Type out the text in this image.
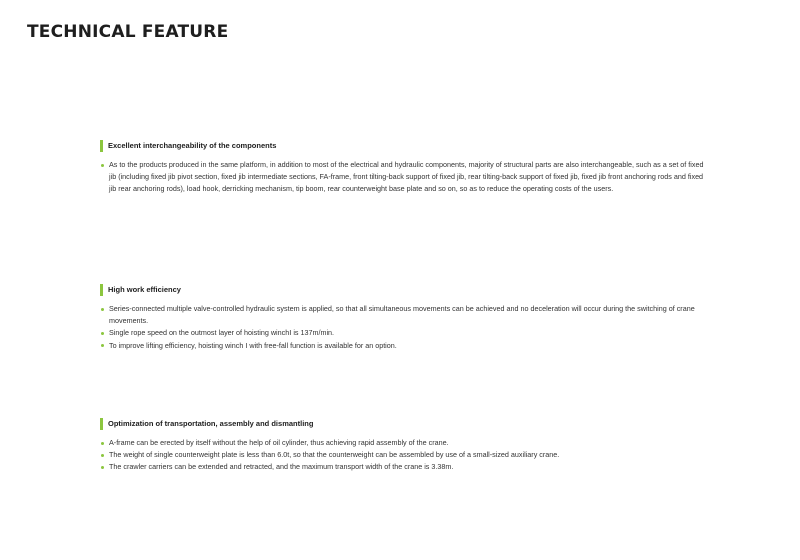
TECHNICAL FEATURE
Excellent interchangeability of the components
As to the products produced in the same platform, in addition to most of the electrical and hydraulic components, majority of structural parts are also interchangeable, such as a set of fixed jib (including fixed jib pivot section, fixed jib intermediate sections, FA-frame, front tilting-back support of fixed jib, rear tilting-back support of fixed jib, fixed jib front anchoring rods and fixed jib rear anchoring rods), load hook, derricking mechanism, tip boom, rear counterweight base plate and so on, so as to reduce the operating costs of the users.
High work efficiency
Series-connected multiple valve-controlled hydraulic system is applied, so that all simultaneous movements can be achieved and no deceleration will occur during the switching of crane movements.
Single rope speed on the outmost layer of hoisting winchⅠ is 137m/min.
To improve lifting efficiency, hoisting winch I with free-fall function is available for an option.
Optimization of transportation, assembly and dismantling
A-frame can be erected by itself without the help of oil cylinder, thus achieving rapid assembly of the crane.
The weight of single counterweight plate is less than 6.0t, so that the counterweight can be assembled by use of a small-sized auxiliary crane.
The crawler carriers can be extended and retracted, and the maximum transport width of the crane is 3.38m.
